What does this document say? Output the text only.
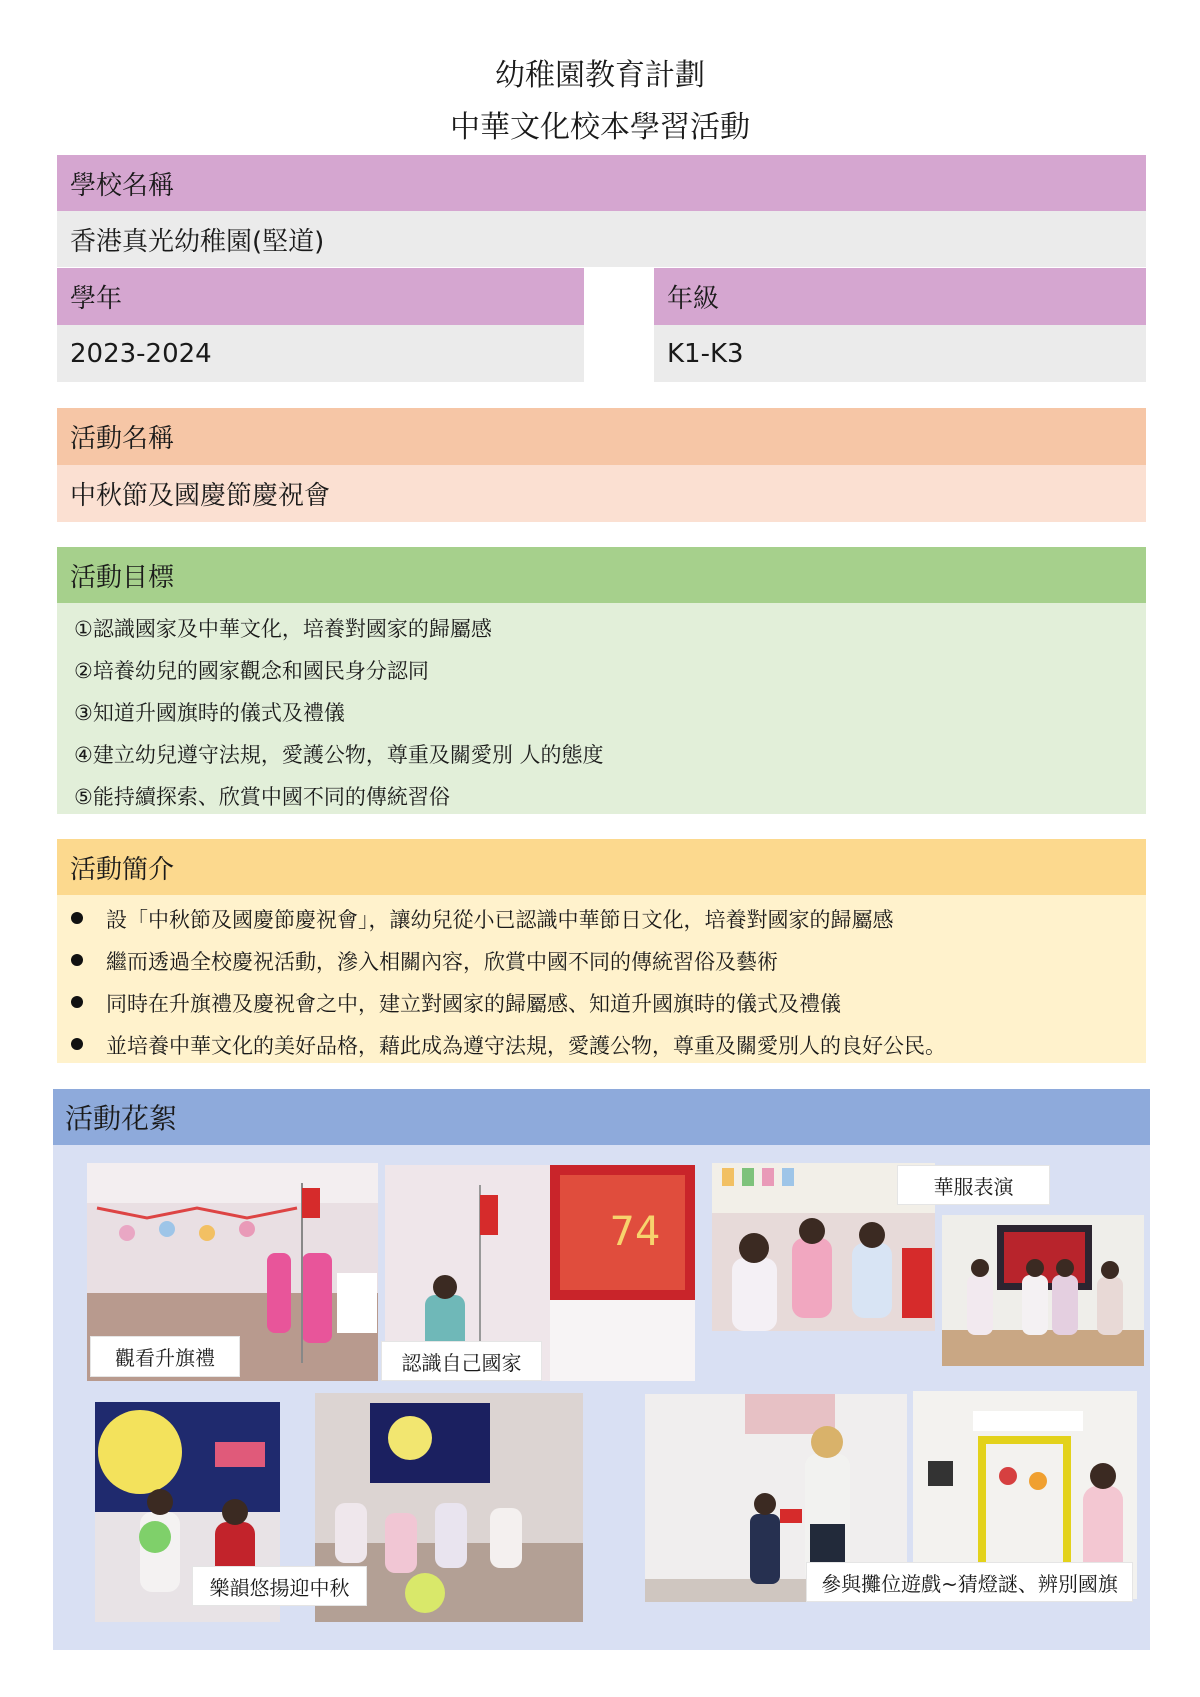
幼稚園教育計劃
中華文化校本學習活動
學校名稱
香港真光幼稚園(堅道)
學年
2023-2024
年級
K1-K3
活動名稱
中秋節及國慶節慶祝會
活動目標
①認識國家及中華文化，培養對國家的歸屬感
②培養幼兒的國家觀念和國民身分認同
③知道升國旗時的儀式及禮儀
④建立幼兒遵守法規，愛護公物，尊重及關愛別 人的態度
⑤能持續探索、欣賞中國不同的傳統習俗
活動簡介
設「中秋節及國慶節慶祝會」，讓幼兒從小已認識中華節日文化，培養對國家的歸屬感
繼而透過全校慶祝活動，滲入相關內容，欣賞中國不同的傳統習俗及藝術
同時在升旗禮及慶祝會之中，建立對國家的歸屬感、知道升國旗時的儀式及禮儀
並培養中華文化的美好品格，藉此成為遵守法規，愛護公物，尊重及關愛別人的良好公民。
活動花絮
觀看升旗禮
74
認識自己國家
華服表演
樂韻悠揚迎中秋	參與攤位遊戲~猜燈謎、辨別國旗
